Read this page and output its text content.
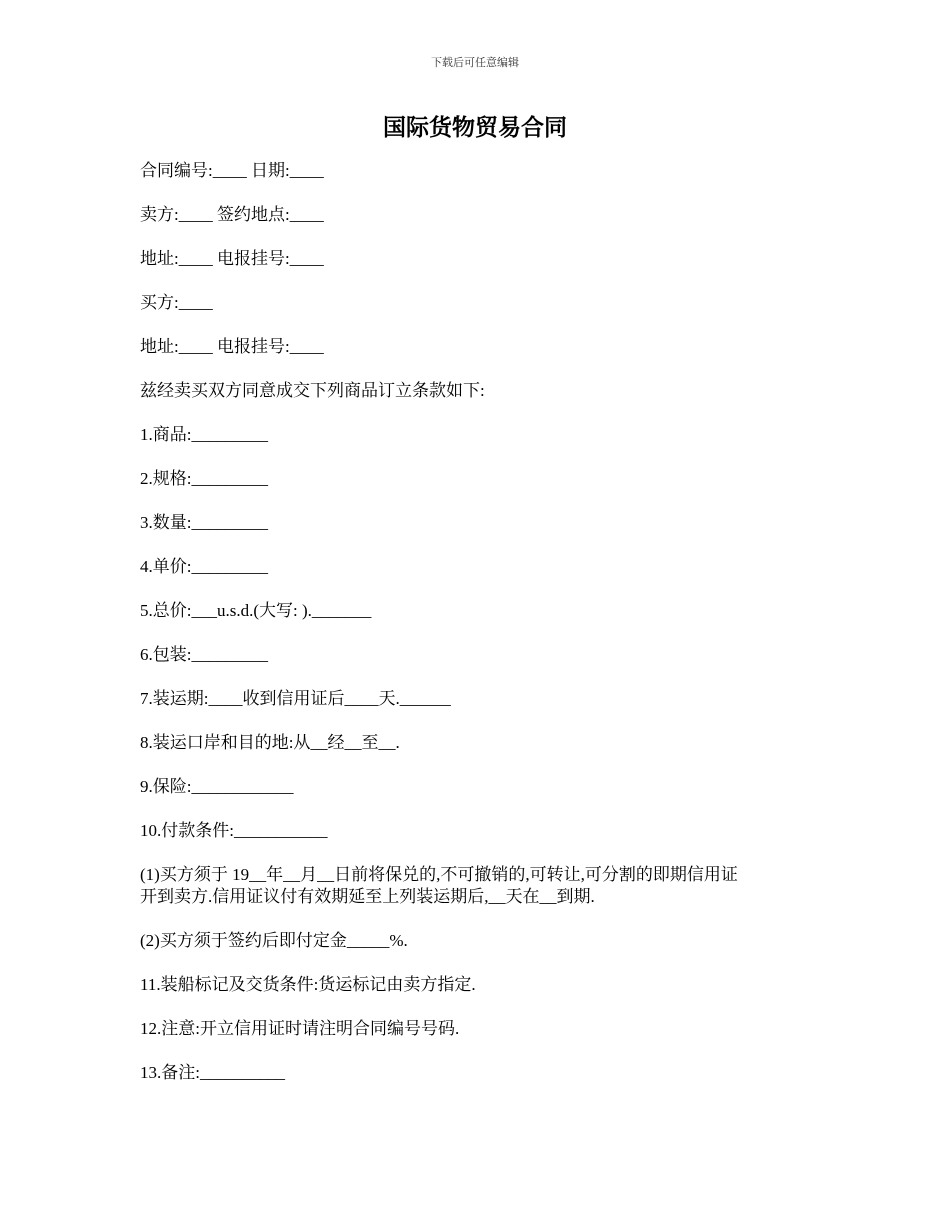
下载后可任意编辑
国际货物贸易合同

合同编号:____ 日期:____

卖方:____ 签约地点:____

地址:____ 电报挂号:____

买方:____

地址:____ 电报挂号:____

兹经卖买双方同意成交下列商品订立条款如下:

1.商品:_________

2.规格:_________

3.数量:_________

4.单价:_________

5.总价:___u.s.d.(大写: )._______

6.包装:_________

7.装运期:____收到信用证后____天.______

8.装运口岸和目的地:从__经__至__.

9.保险:____________

10.付款条件:___________

(1)买方须于 19__年__月__日前将保兑的,不可撤销的,可转让,可分割的即期信用证
开到卖方.信用证议付有效期延至上列装运期后,__天在__到期.

(2)买方须于签约后即付定金_____%.

11.装船标记及交货条件:货运标记由卖方指定.

12.注意:开立信用证时请注明合同编号号码.

13.备注:__________
